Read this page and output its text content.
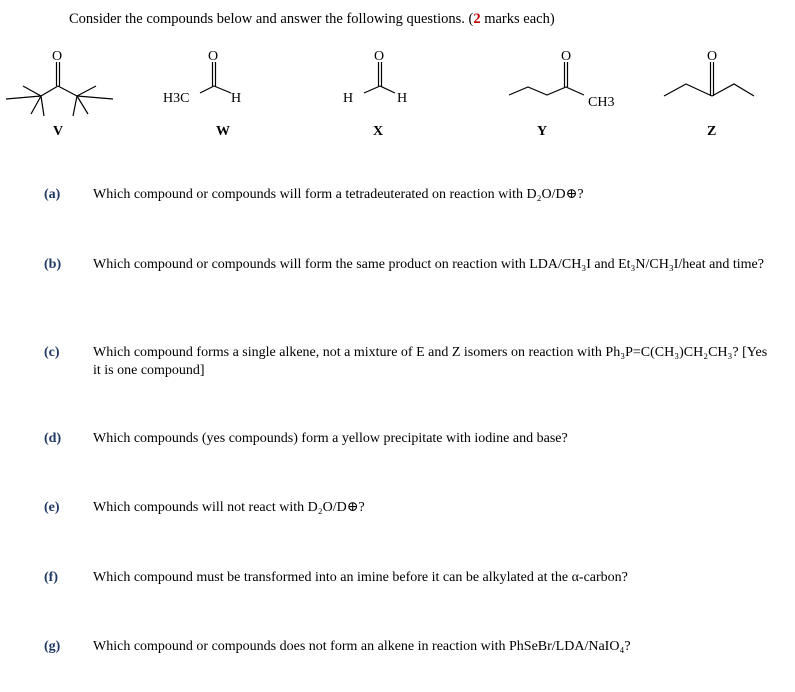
Consider the compounds below and answer the following questions. (2 marks each)
O	O
H3C	H
O
H	H
O
CH3
O
V	W	X	Y	Z
(a) Which compound or compounds will form a tetradeuterated on reaction with D₂O/D⊕?
(b) Which compound or compounds will form the same product on reaction with LDA/CH₃I and Et₃N/CH₃I/heat and time?
(c) Which compound forms a single alkene, not a mixture of E and Z isomers on reaction with Ph₃P=C(CH₃)CH₂CH₃? [Yes it is one compound]
(d) Which compounds (yes compounds) form a yellow precipitate with iodine and base?
(e) Which compounds will not react with D₂O/D⊕?
(f)	Which compound must be transformed into an imine before it can be alkylated at the α-carbon?
(g) Which compound or compounds does not form an alkene in reaction with PhSeBr/LDA/NaIO₄?
